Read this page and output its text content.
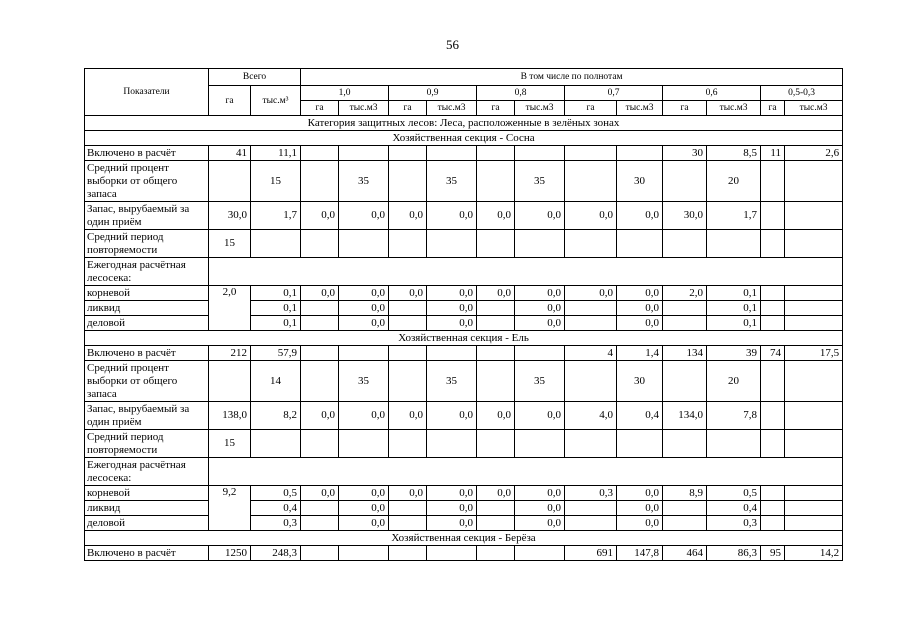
56
Показатели	Всего		В том числе по полнотам											
	га	тыс.м³	1,0		0,9		0,8		0,7		0,6		0,5-0,3	
			га	тыс.м3	га	тыс.м3	га	тыс.м3	га	тыс.м3	га	тыс.м3	га	тыс.м3
Категория защитных лесов: Леса, расположенные в зелёных зонах														
Хозяйственная секция - Сосна														
Включено в расчёт	41	11,1									30	8,5	11	2,6
Средний процент выборки от общего запаса		15		35		35		35		30		20		
Запас, вырубаемый за один приём	30,0	1,7	0,0	0,0	0,0	0,0	0,0	0,0	0,0	0,0	30,0	1,7		
Средний период повторяемости	15													
Ежегодная расчётная лесосека:														
корневой	2,0	0,1	0,0	0,0	0,0	0,0	0,0	0,0	0,0	0,0	2,0	0,1		
ликвид		0,1		0,0		0,0		0,0		0,0		0,1		
деловой		0,1		0,0		0,0		0,0		0,0		0,1		
Хозяйственная секция - Ель														
Включено в расчёт	212	57,9							4	1,4	134	39	74	17,5
Средний процент выборки от общего запаса		14		35		35		35		30		20		
Запас, вырубаемый за один приём	138,0	8,2	0,0	0,0	0,0	0,0	0,0	0,0	4,0	0,4	134,0	7,8		
Средний период повторяемости	15													
Ежегодная расчётная лесосека:														
корневой	9,2	0,5	0,0	0,0	0,0	0,0	0,0	0,0	0,3	0,0	8,9	0,5		
ликвид		0,4		0,0		0,0		0,0		0,0		0,4		
деловой		0,3		0,0		0,0		0,0		0,0		0,3		
Хозяйственная секция - Берёза														
Включено в расчёт	1250	248,3							691	147,8	464	86,3	95	14,2
